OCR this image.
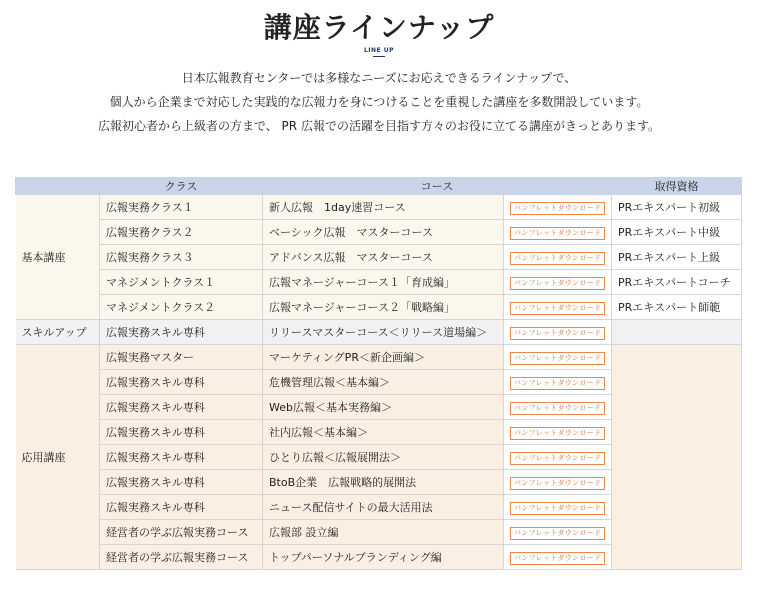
講座ラインナップ
LINE UP
日本広報教育センターでは多様なニーズにお応えできるラインナップで、
個人から企業まで対応した実践的な広報力を身につけることを重視した講座を多数開設しています。
広報初心者から上級者の方まで、 PR 広報での活躍を目指す方々のお役に立てる講座がきっとあります。
	クラス	コース		取得資格
基本講座	広報実務クラス１	新人広報　1day速習コース	パンフレットダウンロード	PRエキスパート初級
	広報実務クラス２	ベーシック広報　マスターコース	パンフレットダウンロード	PRエキスパート中級
	広報実務クラス３	アドバンス広報　マスターコース	パンフレットダウンロード	PRエキスパート上級
	マネジメントクラス１	広報マネージャーコース１「育成編」	パンフレットダウンロード	PRエキスパートコーチ
	マネジメントクラス２	広報マネージャーコース２「戦略編」	パンフレットダウンロード	PRエキスパート師範
スキルアップ	広報実務スキル専科	リリースマスターコース＜リリース道場編＞	パンフレットダウンロード	
応用講座	広報実務マスター	マーケティングPR＜新企画編＞	パンフレットダウンロード	
	広報実務スキル専科	危機管理広報＜基本編＞	パンフレットダウンロード	
	広報実務スキル専科	Web広報＜基本実務編＞	パンフレットダウンロード	
	広報実務スキル専科	社内広報＜基本編＞	パンフレットダウンロード	
	広報実務スキル専科	ひとり広報＜広報展開法＞	パンフレットダウンロード	
	広報実務スキル専科	BtoB企業　広報戦略的展開法	パンフレットダウンロード	
	広報実務スキル専科	ニュース配信サイトの最大活用法	パンフレットダウンロード	
	経営者の学ぶ広報実務コース	広報部 設立編	パンフレットダウンロード	
	経営者の学ぶ広報実務コース	トップパーソナルブランディング編	パンフレットダウンロード	
